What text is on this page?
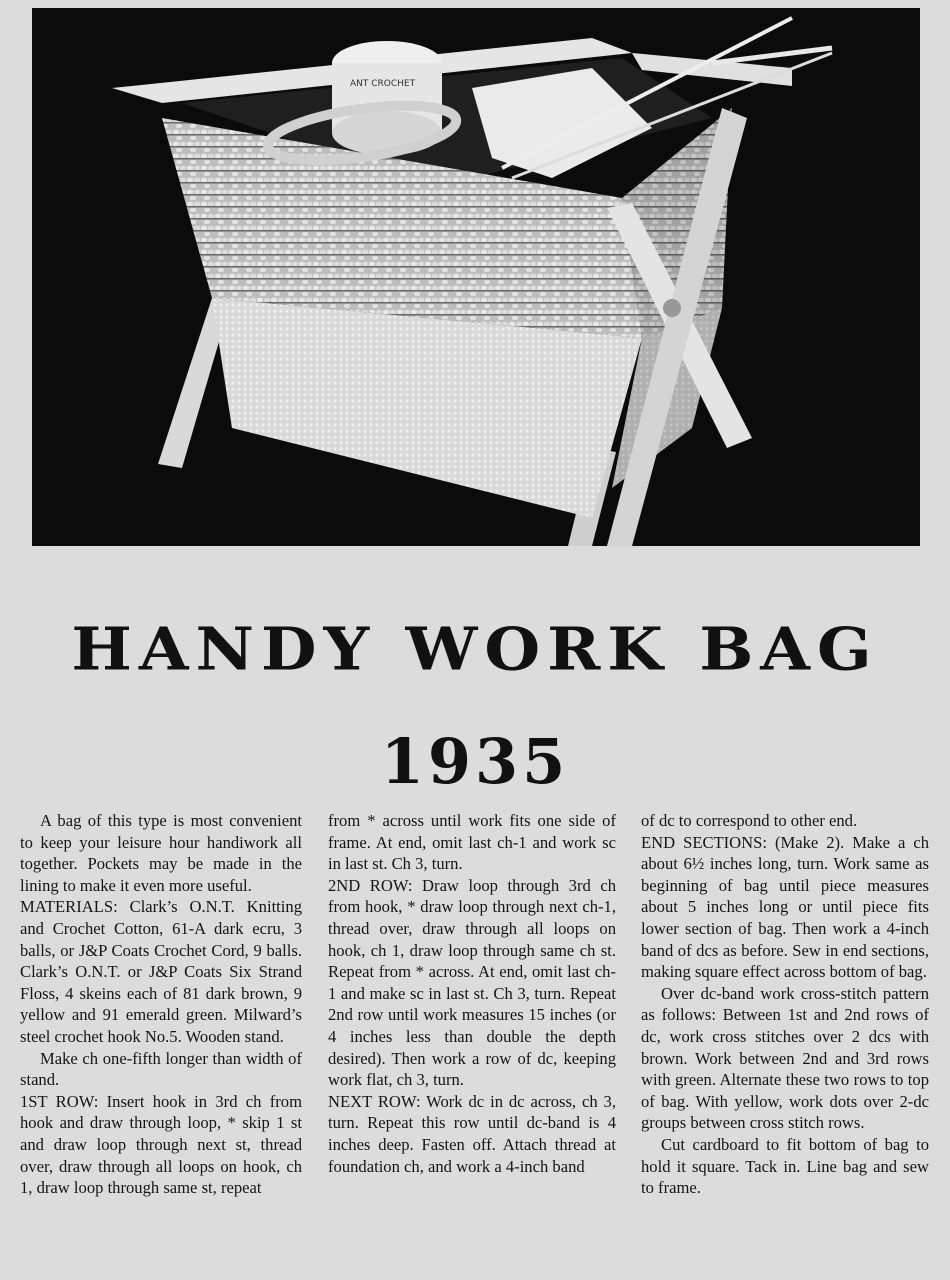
ANT CROCHET
HANDY WORK BAG
1935

A bag of this type is most convenient to keep your leisure hour handiwork all together. Pockets may be made in the lining to make it even more useful.

MATERIALS: Clark’s O.N.T. Knitting and Crochet Cotton, 61-A dark ecru, 3 balls, or J&P Coats Crochet Cord, 9 balls. Clark’s O.N.T. or J&P Coats Six Strand Floss, 4 skeins each of 81 dark brown, 9 yellow and 91 emerald green. Milward’s steel crochet hook No.5. Wooden stand.

Make ch one-fifth longer than width of stand.

1ST ROW: Insert hook in 3rd ch from hook and draw through loop, * skip 1 st and draw loop through next st, thread over, draw through all loops on hook, ch 1, draw loop through same st, repeat

from * across until work fits one side of frame. At end, omit last ch-1 and work sc in last st. Ch 3, turn.

2ND ROW: Draw loop through 3rd ch from hook, * draw loop through next ch-1, thread over, draw through all loops on hook, ch 1, draw loop through same ch st. Repeat from * across. At end, omit last ch-1 and make sc in last st. Ch 3, turn. Repeat 2nd row until work measures 15 inches (or 4 inches less than double the depth desired). Then work a row of dc, keeping work flat, ch 3, turn.

NEXT ROW: Work dc in dc across, ch 3, turn. Repeat this row until dc-band is 4 inches deep. Fasten off. Attach thread at foundation ch, and work a 4-inch band

of dc to correspond to other end.

END SECTIONS: (Make 2). Make a ch about 6½ inches long, turn. Work same as beginning of bag until piece measures about 5 inches long or until piece fits lower section of bag. Then work a 4-inch band of dcs as before. Sew in end sections, making square effect across bottom of bag.

Over dc-band work cross-stitch pattern as follows: Between 1st and 2nd rows of dc, work cross stitches over 2 dcs with brown. Work between 2nd and 3rd rows with green. Alternate these two rows to top of bag. With yellow, work dots over 2-dc groups between cross stitch rows.

Cut cardboard to fit bottom of bag to hold it square. Tack in. Line bag and sew to frame.
